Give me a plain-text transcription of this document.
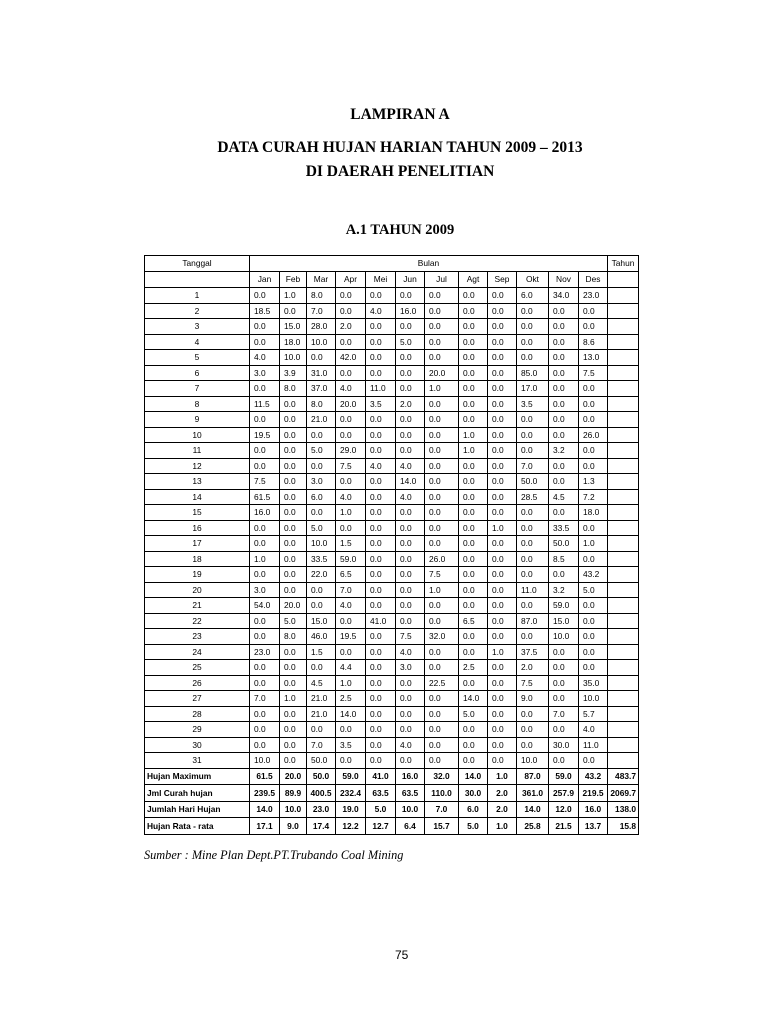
LAMPIRAN A
DATA CURAH HUJAN HARIAN TAHUN 2009 – 2013
DI DAERAH PENELITIAN
A.1 TAHUN 2009
Tanggal	Bulan												Tahun
	Jan	Feb	Mar	Apr	Mei	Jun	Jul	Agt	Sep	Okt	Nov	Des	
1	0.0	1.0	8.0	0.0	0.0	0.0	0.0	0.0	0.0	6.0	34.0	23.0	
2	18.5	0.0	7.0	0.0	4.0	16.0	0.0	0.0	0.0	0.0	0.0	0.0	
3	0.0	15.0	28.0	2.0	0.0	0.0	0.0	0.0	0.0	0.0	0.0	0.0	
4	0.0	18.0	10.0	0.0	0.0	5.0	0.0	0.0	0.0	0.0	0.0	8.6	
5	4.0	10.0	0.0	42.0	0.0	0.0	0.0	0.0	0.0	0.0	0.0	13.0	
6	3.0	3.9	31.0	0.0	0.0	0.0	20.0	0.0	0.0	85.0	0.0	7.5	
7	0.0	8.0	37.0	4.0	11.0	0.0	1.0	0.0	0.0	17.0	0.0	0.0	
8	11.5	0.0	8.0	20.0	3.5	2.0	0.0	0.0	0.0	3.5	0.0	0.0	
9	0.0	0.0	21.0	0.0	0.0	0.0	0.0	0.0	0.0	0.0	0.0	0.0	
10	19.5	0.0	0.0	0.0	0.0	0.0	0.0	1.0	0.0	0.0	0.0	26.0	
11	0.0	0.0	5.0	29.0	0.0	0.0	0.0	1.0	0.0	0.0	3.2	0.0	
12	0.0	0.0	0.0	7.5	4.0	4.0	0.0	0.0	0.0	7.0	0.0	0.0	
13	7.5	0.0	3.0	0.0	0.0	14.0	0.0	0.0	0.0	50.0	0.0	1.3	
14	61.5	0.0	6.0	4.0	0.0	4.0	0.0	0.0	0.0	28.5	4.5	7.2	
15	16.0	0.0	0.0	1.0	0.0	0.0	0.0	0.0	0.0	0.0	0.0	18.0	
16	0.0	0.0	5.0	0.0	0.0	0.0	0.0	0.0	1.0	0.0	33.5	0.0	
17	0.0	0.0	10.0	1.5	0.0	0.0	0.0	0.0	0.0	0.0	50.0	1.0	
18	1.0	0.0	33.5	59.0	0.0	0.0	26.0	0.0	0.0	0.0	8.5	0.0	
19	0.0	0.0	22.0	6.5	0.0	0.0	7.5	0.0	0.0	0.0	0.0	43.2	
20	3.0	0.0	0.0	7.0	0.0	0.0	1.0	0.0	0.0	11.0	3.2	5.0	
21	54.0	20.0	0.0	4.0	0.0	0.0	0.0	0.0	0.0	0.0	59.0	0.0	
22	0.0	5.0	15.0	0.0	41.0	0.0	0.0	6.5	0.0	87.0	15.0	0.0	
23	0.0	8.0	46.0	19.5	0.0	7.5	32.0	0.0	0.0	0.0	10.0	0.0	
24	23.0	0.0	1.5	0.0	0.0	4.0	0.0	0.0	1.0	37.5	0.0	0.0	
25	0.0	0.0	0.0	4.4	0.0	3.0	0.0	2.5	0.0	2.0	0.0	0.0	
26	0.0	0.0	4.5	1.0	0.0	0.0	22.5	0.0	0.0	7.5	0.0	35.0	
27	7.0	1.0	21.0	2.5	0.0	0.0	0.0	14.0	0.0	9.0	0.0	10.0	
28	0.0	0.0	21.0	14.0	0.0	0.0	0.0	5.0	0.0	0.0	7.0	5.7	
29	0.0	0.0	0.0	0.0	0.0	0.0	0.0	0.0	0.0	0.0	0.0	4.0	
30	0.0	0.0	7.0	3.5	0.0	4.0	0.0	0.0	0.0	0.0	30.0	11.0	
31	10.0	0.0	50.0	0.0	0.0	0.0	0.0	0.0	0.0	10.0	0.0	0.0	
Hujan Maximum	61.5	20.0	50.0	59.0	41.0	16.0	32.0	14.0	1.0	87.0	59.0	43.2	483.7
Jml Curah hujan	239.5	89.9	400.5	232.4	63.5	63.5	110.0	30.0	2.0	361.0	257.9	219.5	2069.7
Jumlah Hari Hujan	14.0	10.0	23.0	19.0	5.0	10.0	7.0	6.0	2.0	14.0	12.0	16.0	138.0
Hujan Rata - rata	17.1	9.0	17.4	12.2	12.7	6.4	15.7	5.0	1.0	25.8	21.5	13.7	15.8
Sumber : Mine Plan Dept.PT.Trubando Coal Mining
75
